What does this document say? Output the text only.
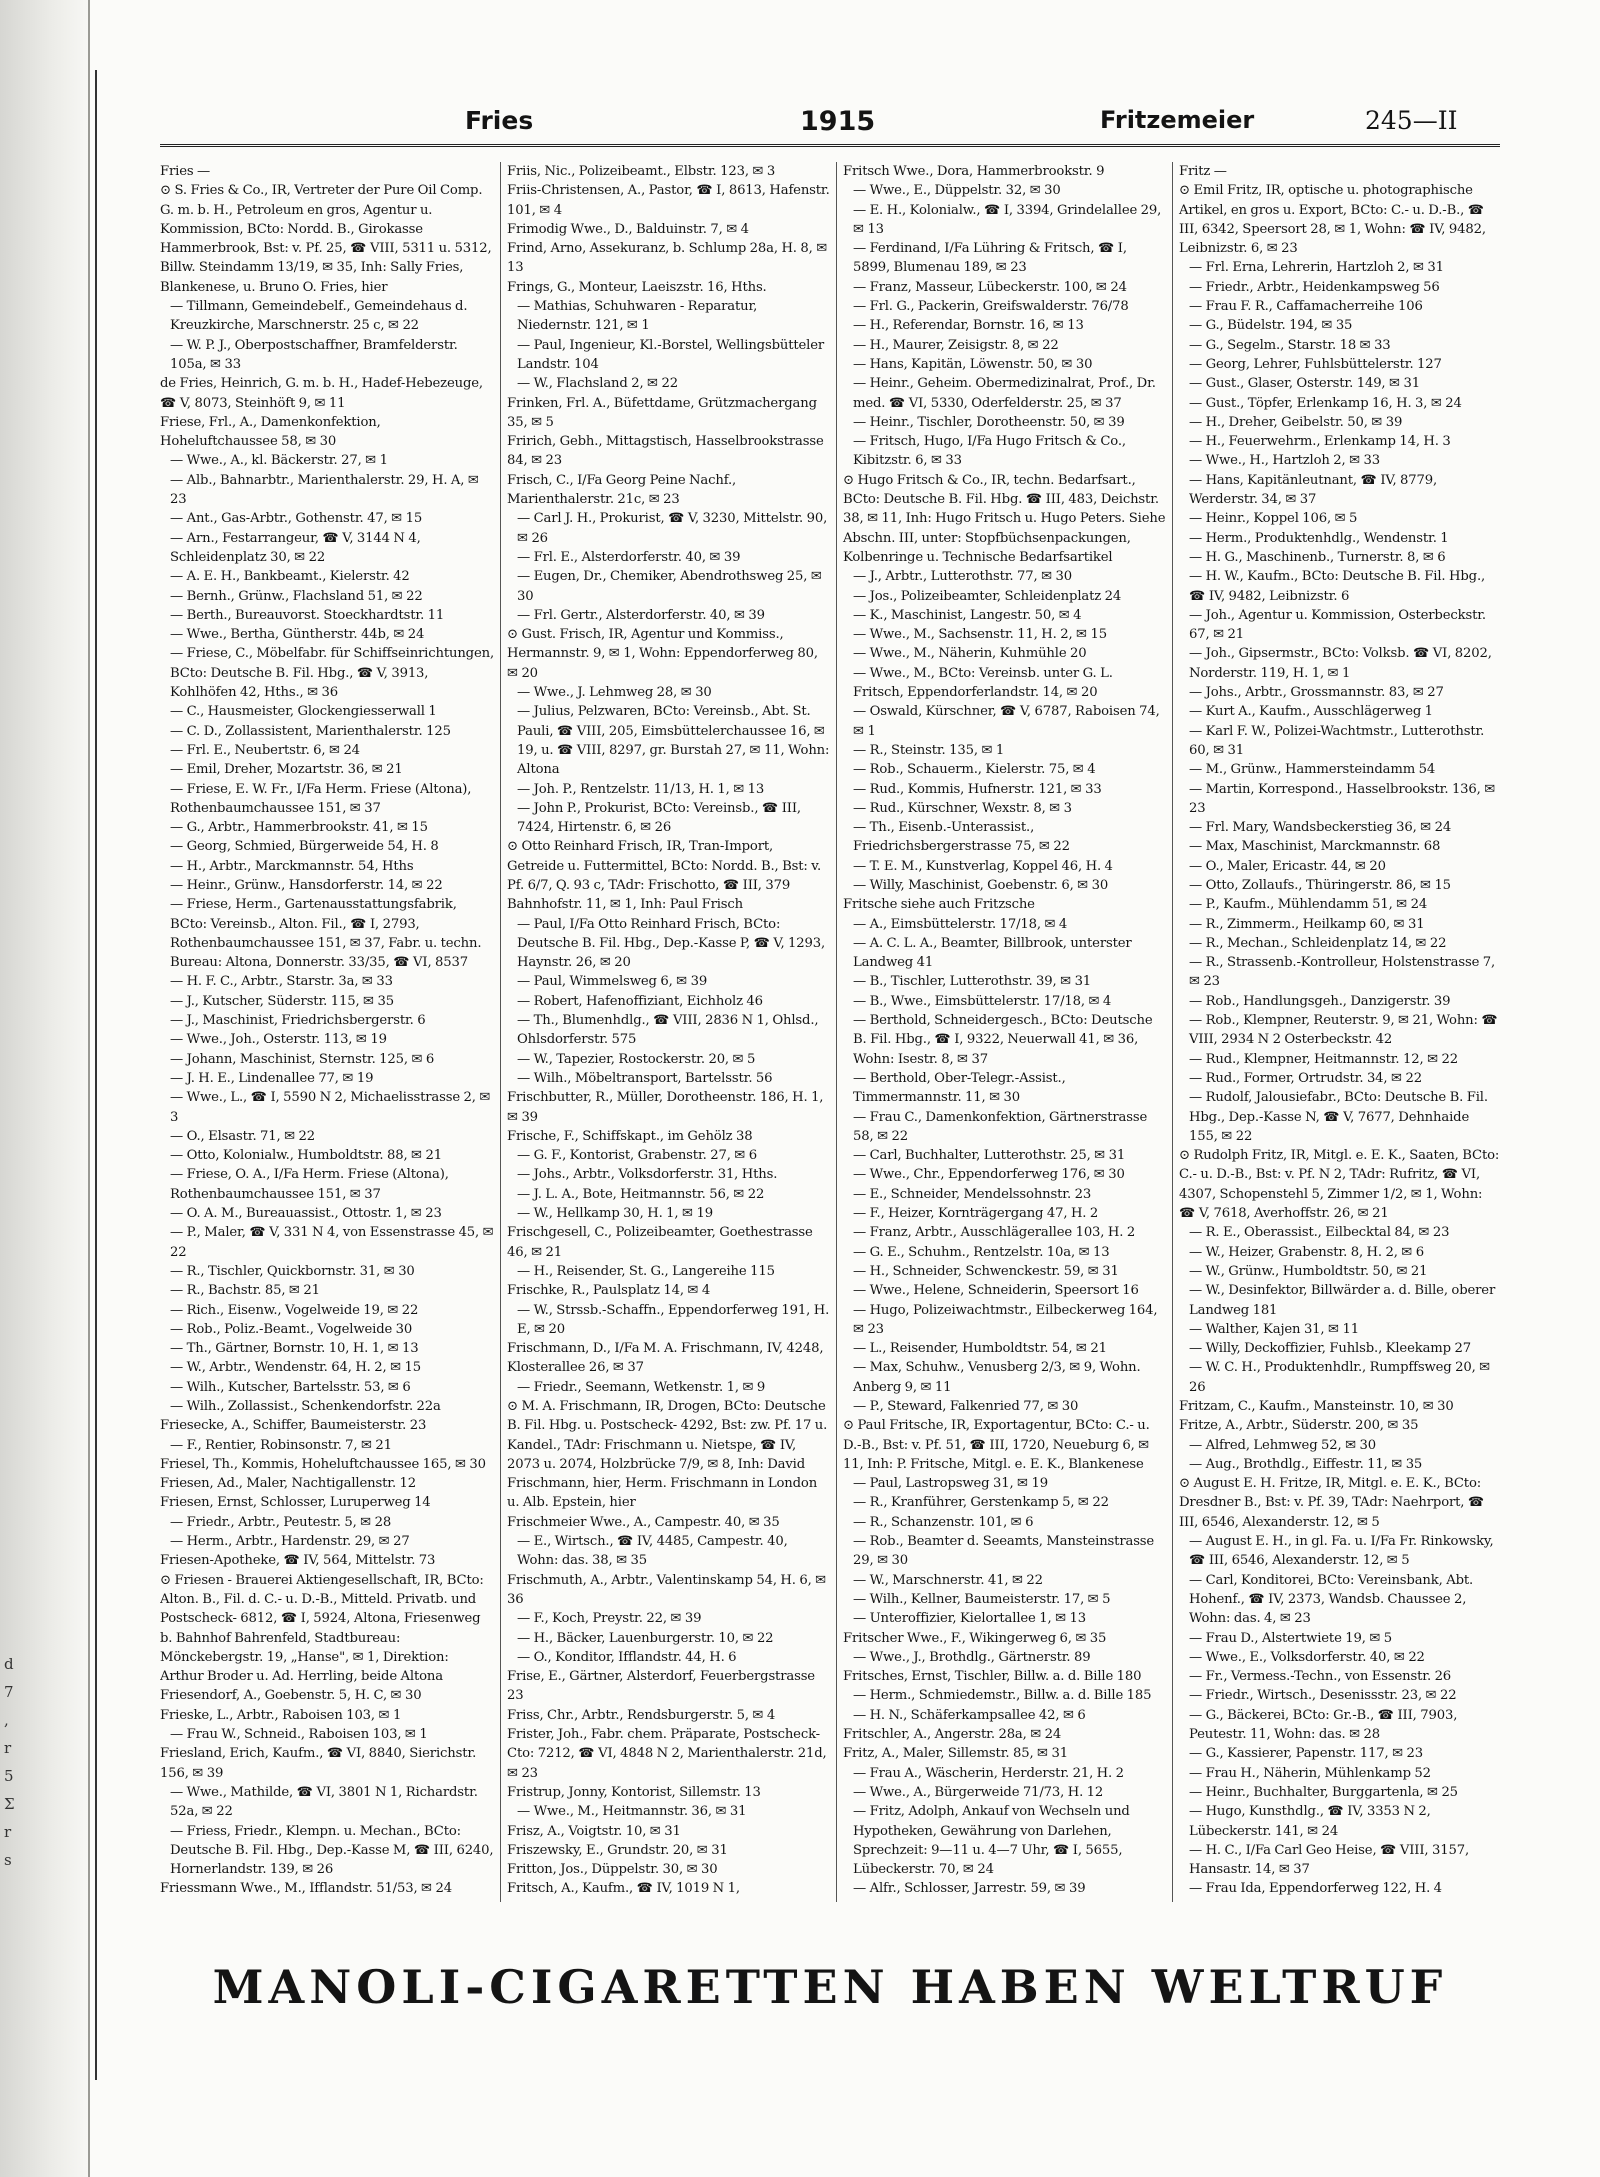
d
7
,
r
5
Σ
r
s
Fries	1915	Fritzemeier	245—II

Fries —

⊙ S. Fries & Co., IR, Vertreter der Pure Oil Comp. G. m. b. H., Petroleum en gros, Agentur u. Kommission, BCto: Nordd. B., Girokasse Hammerbrook, Bst: v. Pf. 25, ☎ VIII, 5311 u. 5312, Billw. Steindamm 13/19, ✉ 35, Inh: Sally Fries, Blankenese, u. Bruno O. Fries, hier

— Tillmann, Gemeindebelf., Gemeindehaus d. Kreuzkirche, Marschnerstr. 25 c, ✉ 22

— W. P. J., Oberpostschaffner, Bramfelderstr. 105a, ✉ 33

de Fries, Heinrich, G. m. b. H., Hadef-Hebezeuge, ☎ V, 8073, Steinhöft 9, ✉ 11

Friese, Frl., A., Damenkonfektion, Hoheluftchaussee 58, ✉ 30

— Wwe., A., kl. Bäckerstr. 27, ✉ 1

— Alb., Bahnarbtr., Marienthalerstr. 29, H. A, ✉ 23

— Ant., Gas-Arbtr., Gothenstr. 47, ✉ 15

— Arn., Festarrangeur, ☎ V, 3144 N 4, Schleidenplatz 30, ✉ 22

— A. E. H., Bankbeamt., Kielerstr. 42

— Bernh., Grünw., Flachsland 51, ✉ 22

— Berth., Bureauvorst. Stoeckhardtstr. 11

— Wwe., Bertha, Güntherstr. 44b, ✉ 24

— Friese, C., Möbelfabr. für Schiffseinrichtungen, BCto: Deutsche B. Fil. Hbg., ☎ V, 3913, Kohlhöfen 42, Hths., ✉ 36

— C., Hausmeister, Glockengiesserwall 1

— C. D., Zollassistent, Marienthalerstr. 125

— Frl. E., Neubertstr. 6, ✉ 24

— Emil, Dreher, Mozartstr. 36, ✉ 21

— Friese, E. W. Fr., I/Fa Herm. Friese (Altona), Rothenbaumchaussee 151, ✉ 37

— G., Arbtr., Hammerbrookstr. 41, ✉ 15

— Georg, Schmied, Bürgerweide 54, H. 8

— H., Arbtr., Marckmannstr. 54, Hths

— Heinr., Grünw., Hansdorferstr. 14, ✉ 22

— Friese, Herm., Gartenausstattungsfabrik, BCto: Vereinsb., Alton. Fil., ☎ I, 2793, Rothenbaumchaussee 151, ✉ 37, Fabr. u. techn. Bureau: Altona, Donnerstr. 33/35, ☎ VI, 8537

— H. F. C., Arbtr., Starstr. 3a, ✉ 33

— J., Kutscher, Süderstr. 115, ✉ 35

— J., Maschinist, Friedrichsbergerstr. 6

— Wwe., Joh., Osterstr. 113, ✉ 19

— Johann, Maschinist, Sternstr. 125, ✉ 6

— J. H. E., Lindenallee 77, ✉ 19

— Wwe., L., ☎ I, 5590 N 2, Michaelisstrasse 2, ✉ 3

— O., Elsastr. 71, ✉ 22

— Otto, Kolonialw., Humboldtstr. 88, ✉ 21

— Friese, O. A., I/Fa Herm. Friese (Altona), Rothenbaumchaussee 151, ✉ 37

— O. A. M., Bureauassist., Ottostr. 1, ✉ 23

— P., Maler, ☎ V, 331 N 4, von Essenstrasse 45, ✉ 22

— R., Tischler, Quickbornstr. 31, ✉ 30

— R., Bachstr. 85, ✉ 21

— Rich., Eisenw., Vogelweide 19, ✉ 22

— Rob., Poliz.-Beamt., Vogelweide 30

— Th., Gärtner, Bornstr. 10, H. 1, ✉ 13

— W., Arbtr., Wendenstr. 64, H. 2, ✉ 15

— Wilh., Kutscher, Bartelsstr. 53, ✉ 6

— Wilh., Zollassist., Schenkendorfstr. 22a

Friesecke, A., Schiffer, Baumeisterstr. 23

— F., Rentier, Robinsonstr. 7, ✉ 21

Friesel, Th., Kommis, Hoheluftchaussee 165, ✉ 30

Friesen, Ad., Maler, Nachtigallenstr. 12

Friesen, Ernst, Schlosser, Luruperweg 14

— Friedr., Arbtr., Peutestr. 5, ✉ 28

— Herm., Arbtr., Hardenstr. 29, ✉ 27

Friesen-Apotheke, ☎ IV, 564, Mittelstr. 73

⊙ Friesen - Brauerei Aktiengesellschaft, IR, BCto: Alton. B., Fil. d. C.- u. D.-B., Mitteld. Privatb. und Postscheck- 6812, ☎ I, 5924, Altona, Friesenweg b. Bahnhof Bahrenfeld, Stadtbureau: Mönckebergstr. 19, „Hanse", ✉ 1, Direktion: Arthur Broder u. Ad. Herrling, beide Altona

Friesendorf, A., Goebenstr. 5, H. C, ✉ 30

Frieske, L., Arbtr., Raboisen 103, ✉ 1

— Frau W., Schneid., Raboisen 103, ✉ 1

Friesland, Erich, Kaufm., ☎ VI, 8840, Sierichstr. 156, ✉ 39

— Wwe., Mathilde, ☎ VI, 3801 N 1, Richardstr. 52a, ✉ 22

— Friess, Friedr., Klempn. u. Mechan., BCto: Deutsche B. Fil. Hbg., Dep.-Kasse M, ☎ III, 6240, Hornerlandstr. 139, ✉ 26

Friessmann Wwe., M., Ifflandstr. 51/53, ✉ 24

Friis, Nic., Polizeibeamt., Elbstr. 123, ✉ 3

Friis-Christensen, A., Pastor, ☎ I, 8613, Hafenstr. 101, ✉ 4

Frimodig Wwe., D., Balduinstr. 7, ✉ 4

Frind, Arno, Assekuranz, b. Schlump 28a, H. 8, ✉ 13

Frings, G., Monteur, Laeiszstr. 16, Hths.

— Mathias, Schuhwaren - Reparatur, Niedernstr. 121, ✉ 1

— Paul, Ingenieur, Kl.-Borstel, Wellingsbütteler Landstr. 104

— W., Flachsland 2, ✉ 22

Frinken, Frl. A., Büfettdame, Grützmachergang 35, ✉ 5

Fririch, Gebh., Mittagstisch, Hasselbrookstrasse 84, ✉ 23

Frisch, C., I/Fa Georg Peine Nachf., Marienthalerstr. 21c, ✉ 23

— Carl J. H., Prokurist, ☎ V, 3230, Mittelstr. 90, ✉ 26

— Frl. E., Alsterdorferstr. 40, ✉ 39

— Eugen, Dr., Chemiker, Abendrothsweg 25, ✉ 30

— Frl. Gertr., Alsterdorferstr. 40, ✉ 39

⊙ Gust. Frisch, IR, Agentur und Kommiss., Hermannstr. 9, ✉ 1, Wohn: Eppendorferweg 80, ✉ 20

— Wwe., J. Lehmweg 28, ✉ 30

— Julius, Pelzwaren, BCto: Vereinsb., Abt. St. Pauli, ☎ VIII, 205, Eimsbüttelerchaussee 16, ✉ 19, u. ☎ VIII, 8297, gr. Burstah 27, ✉ 11, Wohn: Altona

— Joh. P., Rentzelstr. 11/13, H. 1, ✉ 13

— John P., Prokurist, BCto: Vereinsb., ☎ III, 7424, Hirtenstr. 6, ✉ 26

⊙ Otto Reinhard Frisch, IR, Tran-Import, Getreide u. Futtermittel, BCto: Nordd. B., Bst: v. Pf. 6/7, Q. 93 c, TAdr: Frischotto, ☎ III, 379 Bahnhofstr. 11, ✉ 1, Inh: Paul Frisch

— Paul, I/Fa Otto Reinhard Frisch, BCto: Deutsche B. Fil. Hbg., Dep.-Kasse P, ☎ V, 1293, Haynstr. 26, ✉ 20

— Paul, Wimmelsweg 6, ✉ 39

— Robert, Hafenoffiziant, Eichholz 46

— Th., Blumenhdlg., ☎ VIII, 2836 N 1, Ohlsd., Ohlsdorferstr. 575

— W., Tapezier, Rostockerstr. 20, ✉ 5

— Wilh., Möbeltransport, Bartelsstr. 56

Frischbutter, R., Müller, Dorotheenstr. 186, H. 1, ✉ 39

Frische, F., Schiffskapt., im Gehölz 38

— G. F., Kontorist, Grabenstr. 27, ✉ 6

— Johs., Arbtr., Volksdorferstr. 31, Hths.

— J. L. A., Bote, Heitmannstr. 56, ✉ 22

— W., Hellkamp 30, H. 1, ✉ 19

Frischgesell, C., Polizeibeamter, Goethestrasse 46, ✉ 21

— H., Reisender, St. G., Langereihe 115

Frischke, R., Paulsplatz 14, ✉ 4

— W., Strssb.-Schaffn., Eppendorferweg 191, H. E, ✉ 20

Frischmann, D., I/Fa M. A. Frischmann, IV, 4248, Klosterallee 26, ✉ 37

— Friedr., Seemann, Wetkenstr. 1, ✉ 9

⊙ M. A. Frischmann, IR, Drogen, BCto: Deutsche B. Fil. Hbg. u. Postscheck- 4292, Bst: zw. Pf. 17 u. Kandel., TAdr: Frischmann u. Nietspe, ☎ IV, 2073 u. 2074, Holzbrücke 7/9, ✉ 8, Inh: David Frischmann, hier, Herm. Frischmann in London u. Alb. Epstein, hier

Frischmeier Wwe., A., Campestr. 40, ✉ 35

— E., Wirtsch., ☎ IV, 4485, Campestr. 40, Wohn: das. 38, ✉ 35

Frischmuth, A., Arbtr., Valentinskamp 54, H. 6, ✉ 36

— F., Koch, Preystr. 22, ✉ 39

— H., Bäcker, Lauenburgerstr. 10, ✉ 22

— O., Konditor, Ifflandstr. 44, H. 6

Frise, E., Gärtner, Alsterdorf, Feuerbergstrasse 23

Friss, Chr., Arbtr., Rendsburgerstr. 5, ✉ 4

Frister, Joh., Fabr. chem. Präparate, Postscheck-Cto: 7212, ☎ VI, 4848 N 2, Marienthalerstr. 21d, ✉ 23

Fristrup, Jonny, Kontorist, Sillemstr. 13

— Wwe., M., Heitmannstr. 36, ✉ 31

Frisz, A., Voigtstr. 10, ✉ 31

Friszewsky, E., Grundstr. 20, ✉ 31

Fritton, Jos., Düppelstr. 30, ✉ 30

Fritsch, A., Kaufm., ☎ IV, 1019 N 1,

Fritsch Wwe., Dora, Hammerbrookstr. 9

— Wwe., E., Düppelstr. 32, ✉ 30

— E. H., Kolonialw., ☎ I, 3394, Grindelallee 29, ✉ 13

— Ferdinand, I/Fa Lühring & Fritsch, ☎ I, 5899, Blumenau 189, ✉ 23

— Franz, Masseur, Lübeckerstr. 100, ✉ 24

— Frl. G., Packerin, Greifswalderstr. 76/78

— H., Referendar, Bornstr. 16, ✉ 13

— H., Maurer, Zeisigstr. 8, ✉ 22

— Hans, Kapitän, Löwenstr. 50, ✉ 30

— Heinr., Geheim. Obermedizinalrat, Prof., Dr. med. ☎ VI, 5330, Oderfelderstr. 25, ✉ 37

— Heinr., Tischler, Dorotheenstr. 50, ✉ 39

— Fritsch, Hugo, I/Fa Hugo Fritsch & Co., Kibitzstr. 6, ✉ 33

⊙ Hugo Fritsch & Co., IR, techn. Bedarfsart., BCto: Deutsche B. Fil. Hbg. ☎ III, 483, Deichstr. 38, ✉ 11, Inh: Hugo Fritsch u. Hugo Peters. Siehe Abschn. III, unter: Stopfbüchsenpackungen, Kolbenringe u. Technische Bedarfsartikel

— J., Arbtr., Lutterothstr. 77, ✉ 30

— Jos., Polizeibeamter, Schleidenplatz 24

— K., Maschinist, Langestr. 50, ✉ 4

— Wwe., M., Sachsenstr. 11, H. 2, ✉ 15

— Wwe., M., Näherin, Kuhmühle 20

— Wwe., M., BCto: Vereinsb. unter G. L. Fritsch, Eppendorferlandstr. 14, ✉ 20

— Oswald, Kürschner, ☎ V, 6787, Raboisen 74, ✉ 1

— R., Steinstr. 135, ✉ 1

— Rob., Schauerm., Kielerstr. 75, ✉ 4

— Rud., Kommis, Hufnerstr. 121, ✉ 33

— Rud., Kürschner, Wexstr. 8, ✉ 3

— Th., Eisenb.-Unterassist., Friedrichsbergerstrasse 75, ✉ 22

— T. E. M., Kunstverlag, Koppel 46, H. 4

— Willy, Maschinist, Goebenstr. 6, ✉ 30

Fritsche siehe auch Fritzsche

— A., Eimsbüttelerstr. 17/18, ✉ 4

— A. C. L. A., Beamter, Billbrook, unterster Landweg 41

— B., Tischler, Lutterothstr. 39, ✉ 31

— B., Wwe., Eimsbüttelerstr. 17/18, ✉ 4

— Berthold, Schneidergesch., BCto: Deutsche B. Fil. Hbg., ☎ I, 9322, Neuerwall 41, ✉ 36, Wohn: Isestr. 8, ✉ 37

— Berthold, Ober-Telegr.-Assist., Timmermannstr. 11, ✉ 30

— Frau C., Damenkonfektion, Gärtnerstrasse 58, ✉ 22

— Carl, Buchhalter, Lutterothstr. 25, ✉ 31

— Wwe., Chr., Eppendorferweg 176, ✉ 30

— E., Schneider, Mendelssohnstr. 23

— F., Heizer, Kornträgergang 47, H. 2

— Franz, Arbtr., Ausschlägerallee 103, H. 2

— G. E., Schuhm., Rentzelstr. 10a, ✉ 13

— H., Schneider, Schwenckestr. 59, ✉ 31

— Wwe., Helene, Schneiderin, Speersort 16

— Hugo, Polizeiwachtmstr., Eilbeckerweg 164, ✉ 23

— L., Reisender, Humboldtstr. 54, ✉ 21

— Max, Schuhw., Venusberg 2/3, ✉ 9, Wohn. Anberg 9, ✉ 11

— P., Steward, Falkenried 77, ✉ 30

⊙ Paul Fritsche, IR, Exportagentur, BCto: C.- u. D.-B., Bst: v. Pf. 51, ☎ III, 1720, Neueburg 6, ✉ 11, Inh: P. Fritsche, Mitgl. e. E. K., Blankenese

— Paul, Lastropsweg 31, ✉ 19

— R., Kranführer, Gerstenkamp 5, ✉ 22

— R., Schanzenstr. 101, ✉ 6

— Rob., Beamter d. Seeamts, Mansteinstrasse 29, ✉ 30

— W., Marschnerstr. 41, ✉ 22

— Wilh., Kellner, Baumeisterstr. 17, ✉ 5

— Unteroffizier, Kielortallee 1, ✉ 13

Fritscher Wwe., F., Wikingerweg 6, ✉ 35

— Wwe., J., Brothdlg., Gärtnerstr. 89

Fritsches, Ernst, Tischler, Billw. a. d. Bille 180

— Herm., Schmiedemstr., Billw. a. d. Bille 185

— H. N., Schäferkampsallee 42, ✉ 6

Fritschler, A., Angerstr. 28a, ✉ 24

Fritz, A., Maler, Sillemstr. 85, ✉ 31

— Frau A., Wäscherin, Herderstr. 21, H. 2

— Wwe., A., Bürgerweide 71/73, H. 12

— Fritz, Adolph, Ankauf von Wechseln und Hypotheken, Gewährung von Darlehen, Sprechzeit: 9—11 u. 4—7 Uhr, ☎ I, 5655, Lübeckerstr. 70, ✉ 24

— Alfr., Schlosser, Jarrestr. 59, ✉ 39

Fritz —

⊙ Emil Fritz, IR, optische u. photographische Artikel, en gros u. Export, BCto: C.- u. D.-B., ☎ III, 6342, Speersort 28, ✉ 1, Wohn: ☎ IV, 9482, Leibnizstr. 6, ✉ 23

— Frl. Erna, Lehrerin, Hartzloh 2, ✉ 31

— Friedr., Arbtr., Heidenkampsweg 56

— Frau F. R., Caffamacherreihe 106

— G., Büdelstr. 194, ✉ 35

— G., Segelm., Starstr. 18 ✉ 33

— Georg, Lehrer, Fuhlsbüttelerstr. 127

— Gust., Glaser, Osterstr. 149, ✉ 31

— Gust., Töpfer, Erlenkamp 16, H. 3, ✉ 24

— H., Dreher, Geibelstr. 50, ✉ 39

— H., Feuerwehrm., Erlenkamp 14, H. 3

— Wwe., H., Hartzloh 2, ✉ 33

— Hans, Kapitänleutnant, ☎ IV, 8779, Werderstr. 34, ✉ 37

— Heinr., Koppel 106, ✉ 5

— Herm., Produktenhdlg., Wendenstr. 1

— H. G., Maschinenb., Turnerstr. 8, ✉ 6

— H. W., Kaufm., BCto: Deutsche B. Fil. Hbg., ☎ IV, 9482, Leibnizstr. 6

— Joh., Agentur u. Kommission, Osterbeckstr. 67, ✉ 21

— Joh., Gipsermstr., BCto: Volksb. ☎ VI, 8202, Norderstr. 119, H. 1, ✉ 1

— Johs., Arbtr., Grossmannstr. 83, ✉ 27

— Kurt A., Kaufm., Ausschlägerweg 1

— Karl F. W., Polizei-Wachtmstr., Lutterothstr. 60, ✉ 31

— M., Grünw., Hammersteindamm 54

— Martin, Korrespond., Hasselbrookstr. 136, ✉ 23

— Frl. Mary, Wandsbeckerstieg 36, ✉ 24

— Max, Maschinist, Marckmannstr. 68

— O., Maler, Ericastr. 44, ✉ 20

— Otto, Zollaufs., Thüringerstr. 86, ✉ 15

— P., Kaufm., Mühlendamm 51, ✉ 24

— R., Zimmerm., Heilkamp 60, ✉ 31

— R., Mechan., Schleidenplatz 14, ✉ 22

— R., Strassenb.-Kontrolleur, Holstenstrasse 7, ✉ 23

— Rob., Handlungsgeh., Danzigerstr. 39

— Rob., Klempner, Reuterstr. 9, ✉ 21, Wohn: ☎ VIII, 2934 N 2 Osterbeckstr. 42

— Rud., Klempner, Heitmannstr. 12, ✉ 22

— Rud., Former, Ortrudstr. 34, ✉ 22

— Rudolf, Jalousiefabr., BCto: Deutsche B. Fil. Hbg., Dep.-Kasse N, ☎ V, 7677, Dehnhaide 155, ✉ 22

⊙ Rudolph Fritz, IR, Mitgl. e. E. K., Saaten, BCto: C.- u. D.-B., Bst: v. Pf. N 2, TAdr: Rufritz, ☎ VI, 4307, Schopenstehl 5, Zimmer 1/2, ✉ 1, Wohn: ☎ V, 7618, Averhoffstr. 26, ✉ 21

— R. E., Oberassist., Eilbecktal 84, ✉ 23

— W., Heizer, Grabenstr. 8, H. 2, ✉ 6

— W., Grünw., Humboldtstr. 50, ✉ 21

— W., Desinfektor, Billwärder a. d. Bille, oberer Landweg 181

— Walther, Kajen 31, ✉ 11

— Willy, Deckoffizier, Fuhlsb., Kleekamp 27

— W. C. H., Produktenhdlr., Rumpffsweg 20, ✉ 26

Fritzam, C., Kaufm., Mansteinstr. 10, ✉ 30

Fritze, A., Arbtr., Süderstr. 200, ✉ 35

— Alfred, Lehmweg 52, ✉ 30

— Aug., Brothdlg., Eiffestr. 11, ✉ 35

⊙ August E. H. Fritze, IR, Mitgl. e. E. K., BCto: Dresdner B., Bst: v. Pf. 39, TAdr: Naehrport, ☎ III, 6546, Alexanderstr. 12, ✉ 5

— August E. H., in gl. Fa. u. I/Fa Fr. Rinkowsky, ☎ III, 6546, Alexanderstr. 12, ✉ 5

— Carl, Konditorei, BCto: Vereinsbank, Abt. Hohenf., ☎ IV, 2373, Wandsb. Chaussee 2, Wohn: das. 4, ✉ 23

— Frau D., Alstertwiete 19, ✉ 5

— Wwe., E., Volksdorferstr. 40, ✉ 22

— Fr., Vermess.-Techn., von Essenstr. 26

— Friedr., Wirtsch., Desenissstr. 23, ✉ 22

— G., Bäckerei, BCto: Gr.-B., ☎ III, 7903, Peutestr. 11, Wohn: das. ✉ 28

— G., Kassierer, Papenstr. 117, ✉ 23

— Frau H., Näherin, Mühlenkamp 52

— Heinr., Buchhalter, Burggartenla, ✉ 25

— Hugo, Kunsthdlg., ☎ IV, 3353 N 2, Lübeckerstr. 141, ✉ 24

— H. C., I/Fa Carl Geo Heise, ☎ VIII, 3157, Hansastr. 14, ✉ 37

— Frau Ida, Eppendorferweg 122, H. 4

MANOLI-CIGARETTEN HABEN WELTRUF
